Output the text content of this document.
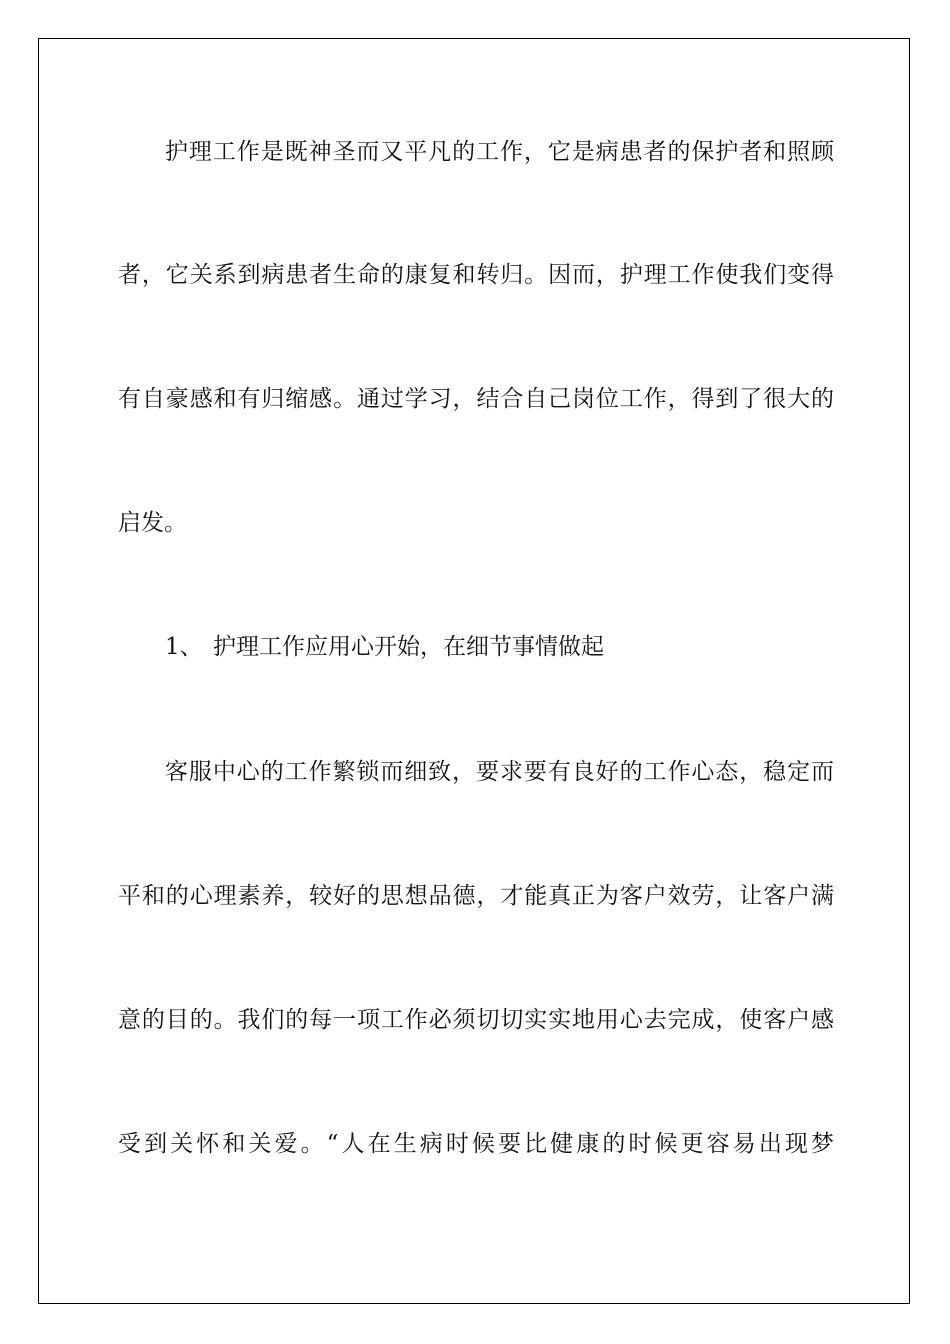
护理工作是既神圣而又平凡的工作，它是病患者的保护者和照顾
者，它关系到病患者生命的康复和转归。因而，护理工作使我们变得
有自豪感和有归缩感。通过学习，结合自己岗位工作，得到了很大的
启发。
1、 护理工作应用心开始，在细节事情做起
客服中心的工作繁锁而细致，要求要有良好的工作心态，稳定而
平和的心理素养，较好的思想品德，才能真正为客户效劳，让客户满
意的目的。我们的每一项工作必须切切实实地用心去完成，使客户感
受到关怀和关爱。“人在生病时候要比健康的时候更容易出现梦
